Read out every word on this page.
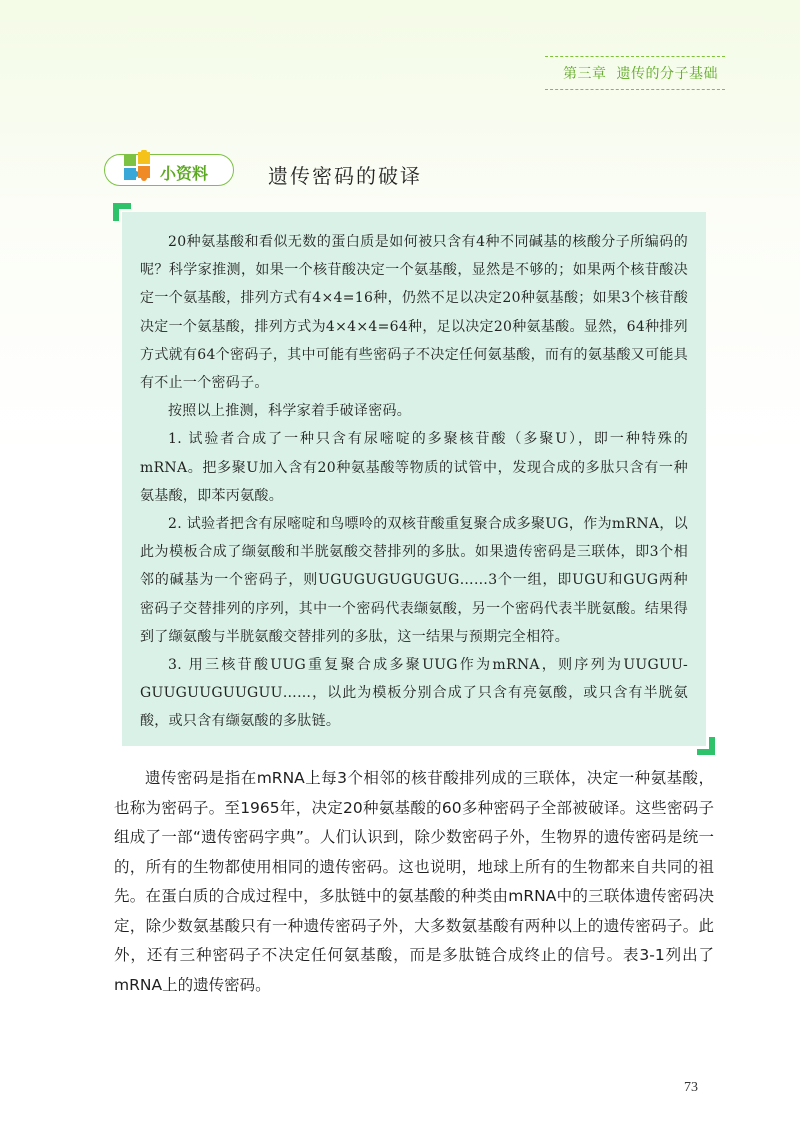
第三章 遗传的分子基础
小资料	遗传密码的破译

20种氨基酸和看似无数的蛋白质是如何被只含有4种不同碱基的核酸分子所编码的呢？科学家推测，如果一个核苷酸决定一个氨基酸，显然是不够的；如果两个核苷酸决定一个氨基酸，排列方式有4×4=16种，仍然不足以决定20种氨基酸；如果3个核苷酸决定一个氨基酸，排列方式为4×4×4=64种，足以决定20种氨基酸。显然，64种排列方式就有64个密码子，其中可能有些密码子不决定任何氨基酸，而有的氨基酸又可能具有不止一个密码子。

按照以上推测，科学家着手破译密码。

1. 试验者合成了一种只含有尿嘧啶的多聚核苷酸（多聚U），即一种特殊的mRNA。把多聚U加入含有20种氨基酸等物质的试管中，发现合成的多肽只含有一种氨基酸，即苯丙氨酸。

2. 试验者把含有尿嘧啶和鸟嘌呤的双核苷酸重复聚合成多聚UG，作为mRNA，以此为模板合成了缬氨酸和半胱氨酸交替排列的多肽。如果遗传密码是三联体，即3个相邻的碱基为一个密码子，则UGUGUGUGUGUG……3个一组，即UGU和GUG两种密码子交替排列的序列，其中一个密码代表缬氨酸，另一个密码代表半胱氨酸。结果得到了缬氨酸与半胱氨酸交替排列的多肽，这一结果与预期完全相符。

3. 用三核苷酸UUG重复聚合成多聚UUG作为mRNA，则序列为UUGUU-GUUGUUGUUGUU……，以此为模板分别合成了只含有亮氨酸，或只含有半胱氨酸，或只含有缬氨酸的多肽链。

遗传密码是指在mRNA上每3个相邻的核苷酸排列成的三联体，决定一种氨基酸，也称为密码子。至1965年，决定20种氨基酸的60多种密码子全部被破译。这些密码子组成了一部“遗传密码字典”。人们认识到，除少数密码子外，生物界的遗传密码是统一的，所有的生物都使用相同的遗传密码。这也说明，地球上所有的生物都来自共同的祖先。在蛋白质的合成过程中，多肽链中的氨基酸的种类由mRNA中的三联体遗传密码决定，除少数氨基酸只有一种遗传密码子外，大多数氨基酸有两种以上的遗传密码子。此外，还有三种密码子不决定任何氨基酸，而是多肽链合成终止的信号。表3-1列出了mRNA上的遗传密码。

73
